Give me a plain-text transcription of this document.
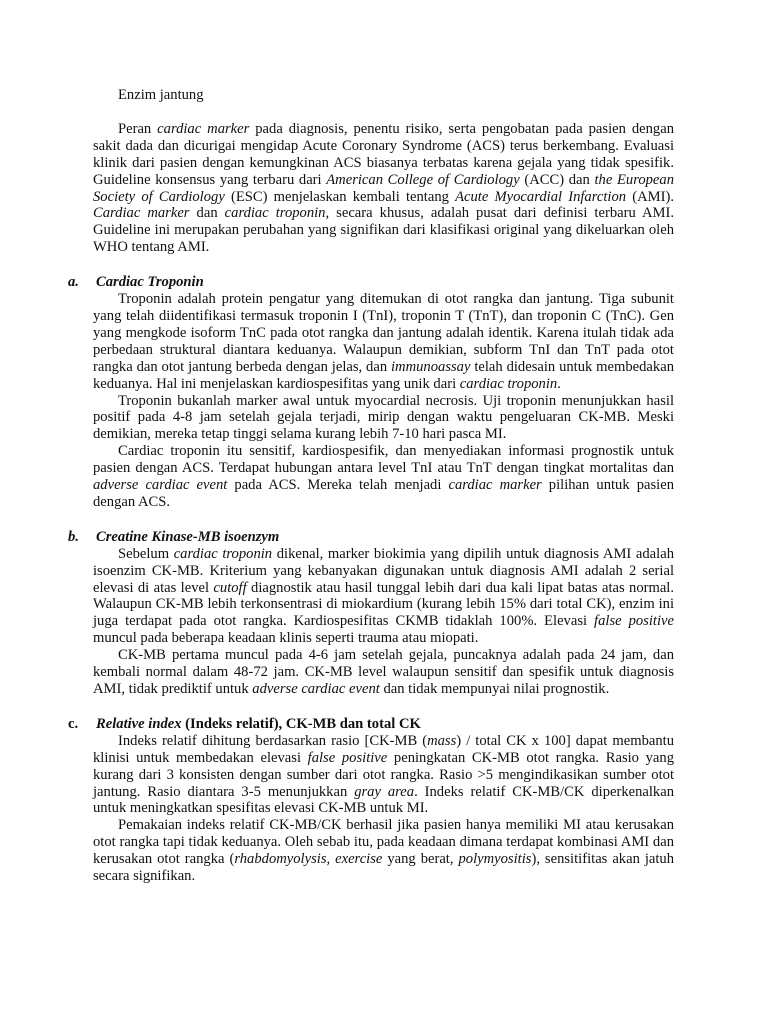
Enzim jantung

Peran cardiac marker pada diagnosis, penentu risiko, serta pengobatan pada pasien dengan sakit dada dan dicurigai mengidap Acute Coronary Syndrome (ACS) terus berkembang. Evaluasi klinik dari pasien dengan kemungkinan ACS biasanya terbatas karena gejala yang tidak spesifik. Guideline konsensus yang terbaru dari American College of Cardiology (ACC) dan the European Society of Cardiology (ESC) menjelaskan kembali tentang Acute Myocardial Infarction (AMI). Cardiac marker dan cardiac troponin, secara khusus, adalah pusat dari definisi terbaru AMI. Guideline ini merupakan perubahan yang signifikan dari klasifikasi original yang dikeluarkan oleh WHO tentang AMI.

a. Cardiac Troponin

Troponin adalah protein pengatur yang ditemukan di otot rangka dan jantung. Tiga subunit yang telah diidentifikasi termasuk troponin I (TnI), troponin T (TnT), dan troponin C (TnC). Gen yang mengkode isoform TnC pada otot rangka dan jantung adalah identik. Karena itulah tidak ada perbedaan struktural diantara keduanya. Walaupun demikian, subform TnI dan TnT pada otot rangka dan otot jantung berbeda dengan jelas, dan immunoassay telah didesain untuk membedakan keduanya. Hal ini menjelaskan kardiospesifitas yang unik dari cardiac troponin.

Troponin bukanlah marker awal untuk myocardial necrosis. Uji troponin menunjukkan hasil positif pada 4-8 jam setelah gejala terjadi, mirip dengan waktu pengeluaran CK-MB. Meski demikian, mereka tetap tinggi selama kurang lebih 7-10 hari pasca MI.

Cardiac troponin itu sensitif, kardiospesifik, dan menyediakan informasi prognostik untuk pasien dengan ACS. Terdapat hubungan antara level TnI atau TnT dengan tingkat mortalitas dan adverse cardiac event pada ACS. Mereka telah menjadi cardiac marker pilihan untuk pasien dengan ACS.

b. Creatine Kinase-MB isoenzym

Sebelum cardiac troponin dikenal, marker biokimia yang dipilih untuk diagnosis AMI adalah isoenzim CK-MB. Kriterium yang kebanyakan digunakan untuk diagnosis AMI adalah 2 serial elevasi di atas level cutoff diagnostik atau hasil tunggal lebih dari dua kali lipat batas atas normal. Walaupun CK-MB lebih terkonsentrasi di miokardium (kurang lebih 15% dari total CK), enzim ini juga terdapat pada otot rangka. Kardiospesifitas CKMB tidaklah 100%. Elevasi false positive muncul pada beberapa keadaan klinis seperti trauma atau miopati.

CK-MB pertama muncul pada 4-6 jam setelah gejala, puncaknya adalah pada 24 jam, dan kembali normal dalam 48-72 jam. CK-MB level walaupun sensitif dan spesifik untuk diagnosis AMI, tidak prediktif untuk adverse cardiac event dan tidak mempunyai nilai prognostik.

c. Relative index (Indeks relatif), CK-MB dan total CK

Indeks relatif dihitung berdasarkan rasio [CK-MB (mass) / total CK x 100] dapat membantu klinisi untuk membedakan elevasi false positive peningkatan CK-MB otot rangka. Rasio yang kurang dari 3 konsisten dengan sumber dari otot rangka. Rasio >5 mengindikasikan sumber otot jantung. Rasio diantara 3-5 menunjukkan gray area. Indeks relatif CK-MB/CK diperkenalkan untuk meningkatkan spesifitas elevasi CK-MB untuk MI.

Pemakaian indeks relatif CK-MB/CK berhasil jika pasien hanya memiliki MI atau kerusakan otot rangka tapi tidak keduanya. Oleh sebab itu, pada keadaan dimana terdapat kombinasi AMI dan kerusakan otot rangka (rhabdomyolysis, exercise yang berat, polymyositis), sensitifitas akan jatuh secara signifikan.
